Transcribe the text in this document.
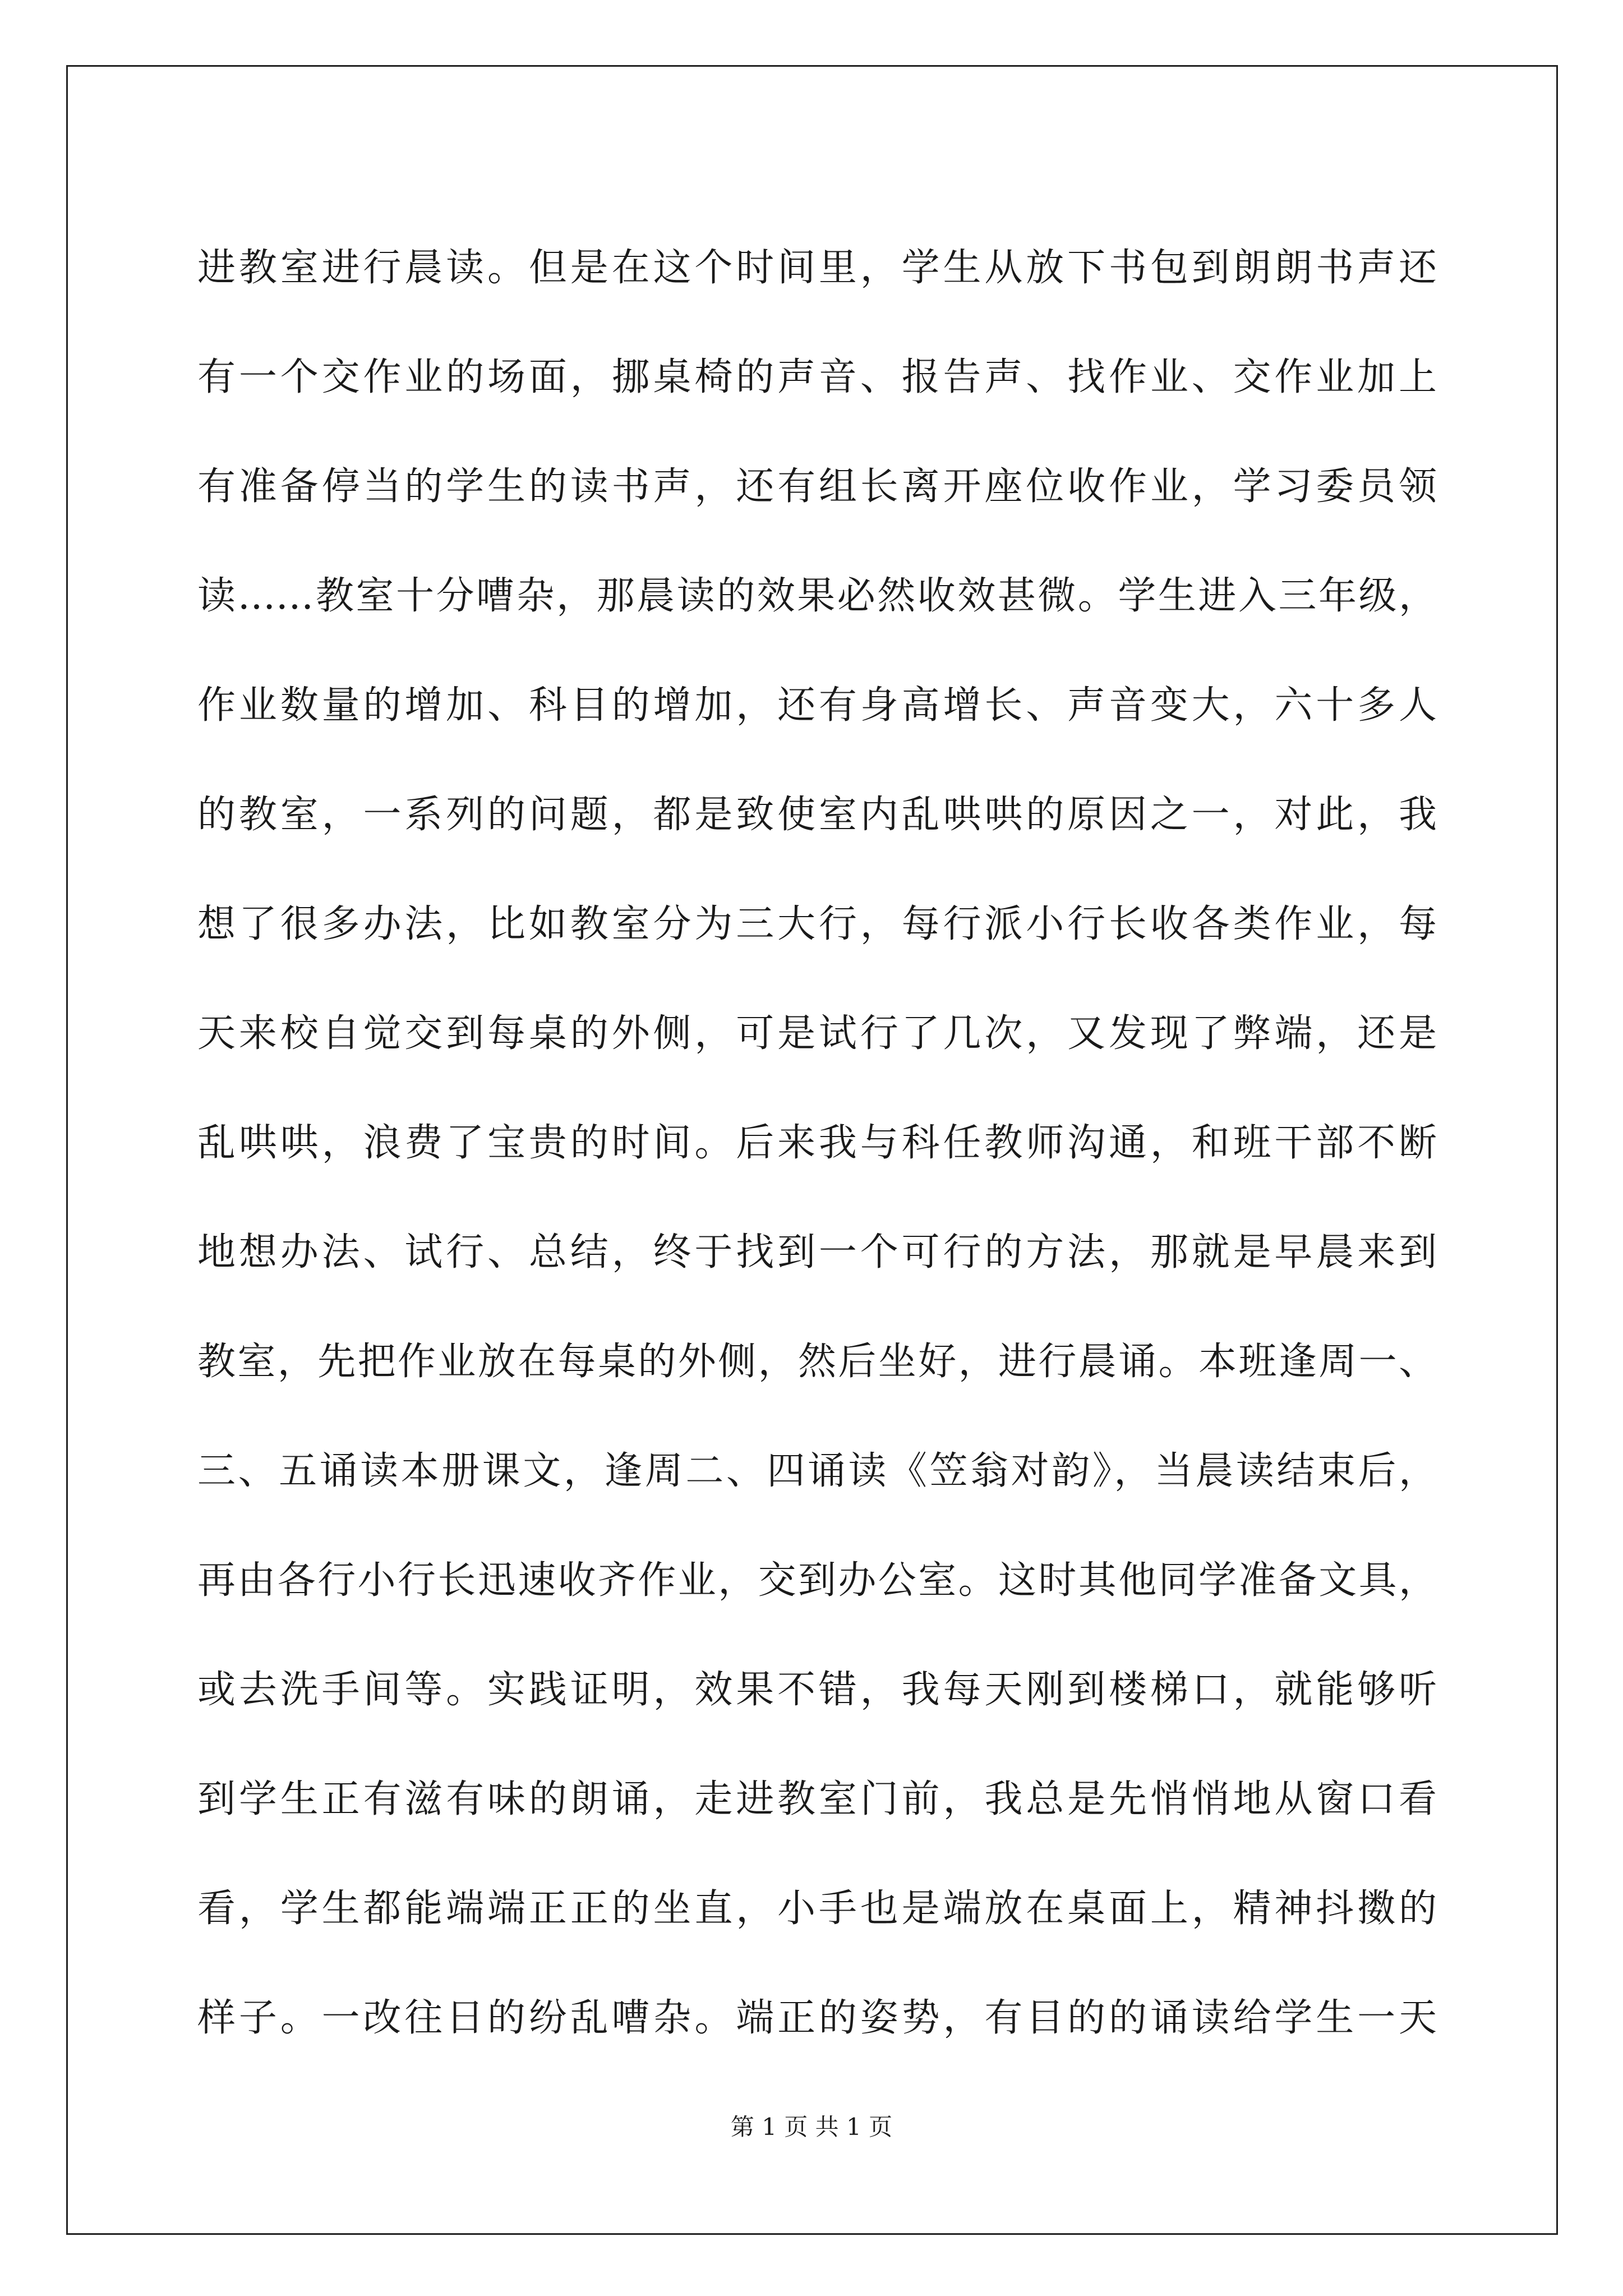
进教室进行晨读。但是在这个时间里，学生从放下书包到朗朗书声还
有一个交作业的场面，挪桌椅的声音、报告声、找作业、交作业加上
有准备停当的学生的读书声，还有组长离开座位收作业，学习委员领
读……教室十分嘈杂，那晨读的效果必然收效甚微。学生进入三年级，
作业数量的增加、科目的增加，还有身高增长、声音变大，六十多人
的教室，一系列的问题，都是致使室内乱哄哄的原因之一，对此，我
想了很多办法，比如教室分为三大行，每行派小行长收各类作业，每
天来校自觉交到每桌的外侧，可是试行了几次，又发现了弊端，还是
乱哄哄，浪费了宝贵的时间。后来我与科任教师沟通，和班干部不断
地想办法、试行、总结，终于找到一个可行的方法，那就是早晨来到
教室，先把作业放在每桌的外侧，然后坐好，进行晨诵。本班逢周一、
三、五诵读本册课文，逢周二、四诵读《笠翁对韵》，当晨读结束后，
再由各行小行长迅速收齐作业，交到办公室。这时其他同学准备文具，
或去洗手间等。实践证明，效果不错，我每天刚到楼梯口，就能够听
到学生正有滋有味的朗诵，走进教室门前，我总是先悄悄地从窗口看
看，学生都能端端正正的坐直，小手也是端放在桌面上，精神抖擞的
样子。一改往日的纷乱嘈杂。端正的姿势，有目的的诵读给学生一天
第 1 页 共 1 页
